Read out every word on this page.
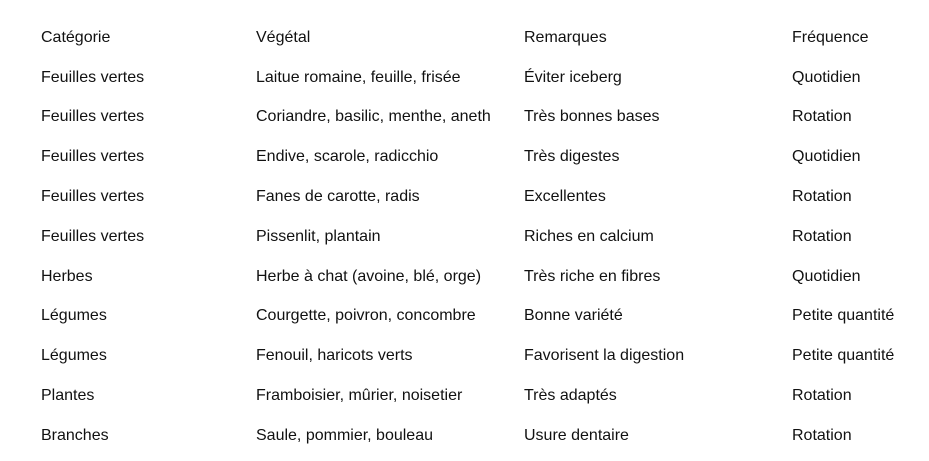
Catégorie	Végétal	Remarques	Fréquence
Feuilles vertes	Laitue romaine, feuille, frisée	Éviter iceberg	Quotidien
Feuilles vertes	Coriandre, basilic, menthe, aneth	Très bonnes bases	Rotation
Feuilles vertes	Endive, scarole, radicchio	Très digestes	Quotidien
Feuilles vertes	Fanes de carotte, radis	Excellentes	Rotation
Feuilles vertes	Pissenlit, plantain	Riches en calcium	Rotation
Herbes	Herbe à chat (avoine, blé, orge)	Très riche en fibres	Quotidien
Légumes	Courgette, poivron, concombre	Bonne variété	Petite quantité
Légumes	Fenouil, haricots verts	Favorisent la digestion	Petite quantité
Plantes	Framboisier, mûrier, noisetier	Très adaptés	Rotation
Branches	Saule, pommier, bouleau	Usure dentaire	Rotation
